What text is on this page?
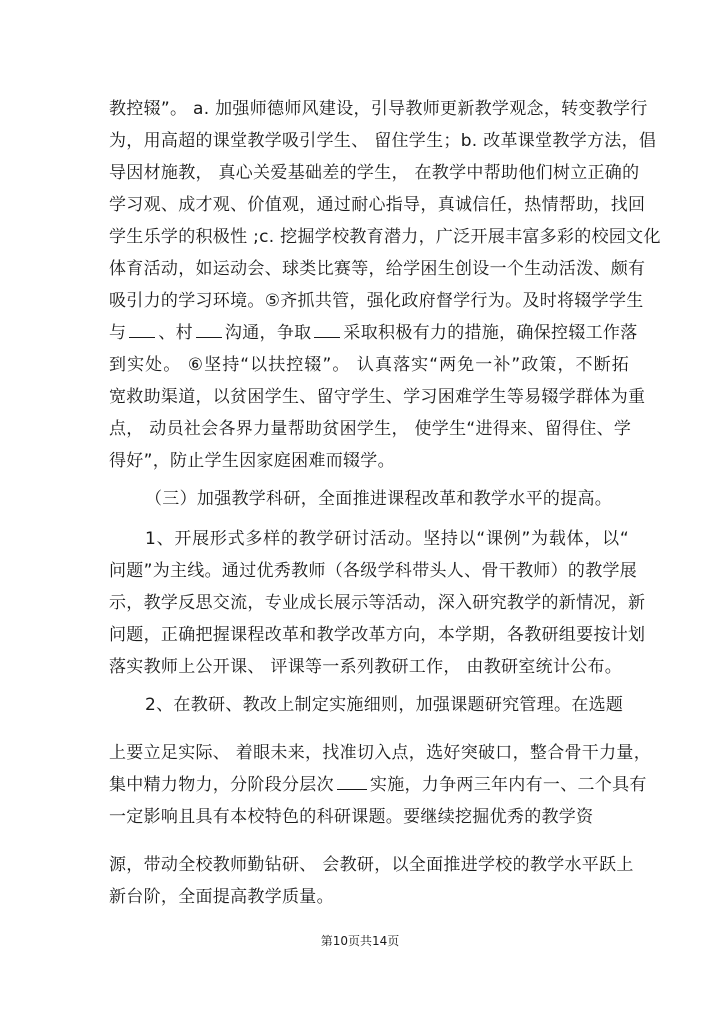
教控辍”。 a. 加强师德师风建设，引导教师更新教学观念，转变教学行
为，用高超的课堂教学吸引学生、 留住学生；b. 改革课堂教学方法，倡
导因材施教， 真心关爱基础差的学生， 在教学中帮助他们树立正确的
学习观、成才观、价值观，通过耐心指导，真诚信任，热情帮助，找回
学生乐学的积极性 ;c. 挖掘学校教育潜力，广泛开展丰富多彩的校园文化
体育活动，如运动会、球类比赛等，给学困生创设一个生动活泼、颇有
吸引力的学习环境。⑤齐抓共管，强化政府督学行为。及时将辍学学生
与 、村 沟通，争取 采取积极有力的措施，确保控辍工作落
到实处。 ⑥坚持“以扶控辍”。 认真落实“两免一补”政策，不断拓
宽救助渠道，以贫困学生、留守学生、学习困难学生等易辍学群体为重
点， 动员社会各界力量帮助贫困学生， 使学生“进得来、留得住、学
得好”，防止学生因家庭困难而辍学。
（三）加强教学科研，全面推进课程改革和教学水平的提高。
1、开展形式多样的教学研讨活动。坚持以“课例”为载体，以“
问题”为主线。通过优秀教师（各级学科带头人、骨干教师）的教学展
示，教学反思交流，专业成长展示等活动，深入研究教学的新情况，新
问题，正确把握课程改革和教学改革方向，本学期，各教研组要按计划
落实教师上公开课、 评课等一系列教研工作， 由教研室统计公布。
2、在教研、教改上制定实施细则，加强课题研究管理。在选题
上要立足实际、 着眼未来，找准切入点，选好突破口，整合骨干力量，
集中精力物力，分阶段分层次 实施，力争两三年内有一、二个具有
一定影响且具有本校特色的科研课题。要继续挖掘优秀的教学资
源，带动全校教师勤钻研、 会教研，以全面推进学校的教学水平跃上
新台阶，全面提高教学质量。
第10页共14页
